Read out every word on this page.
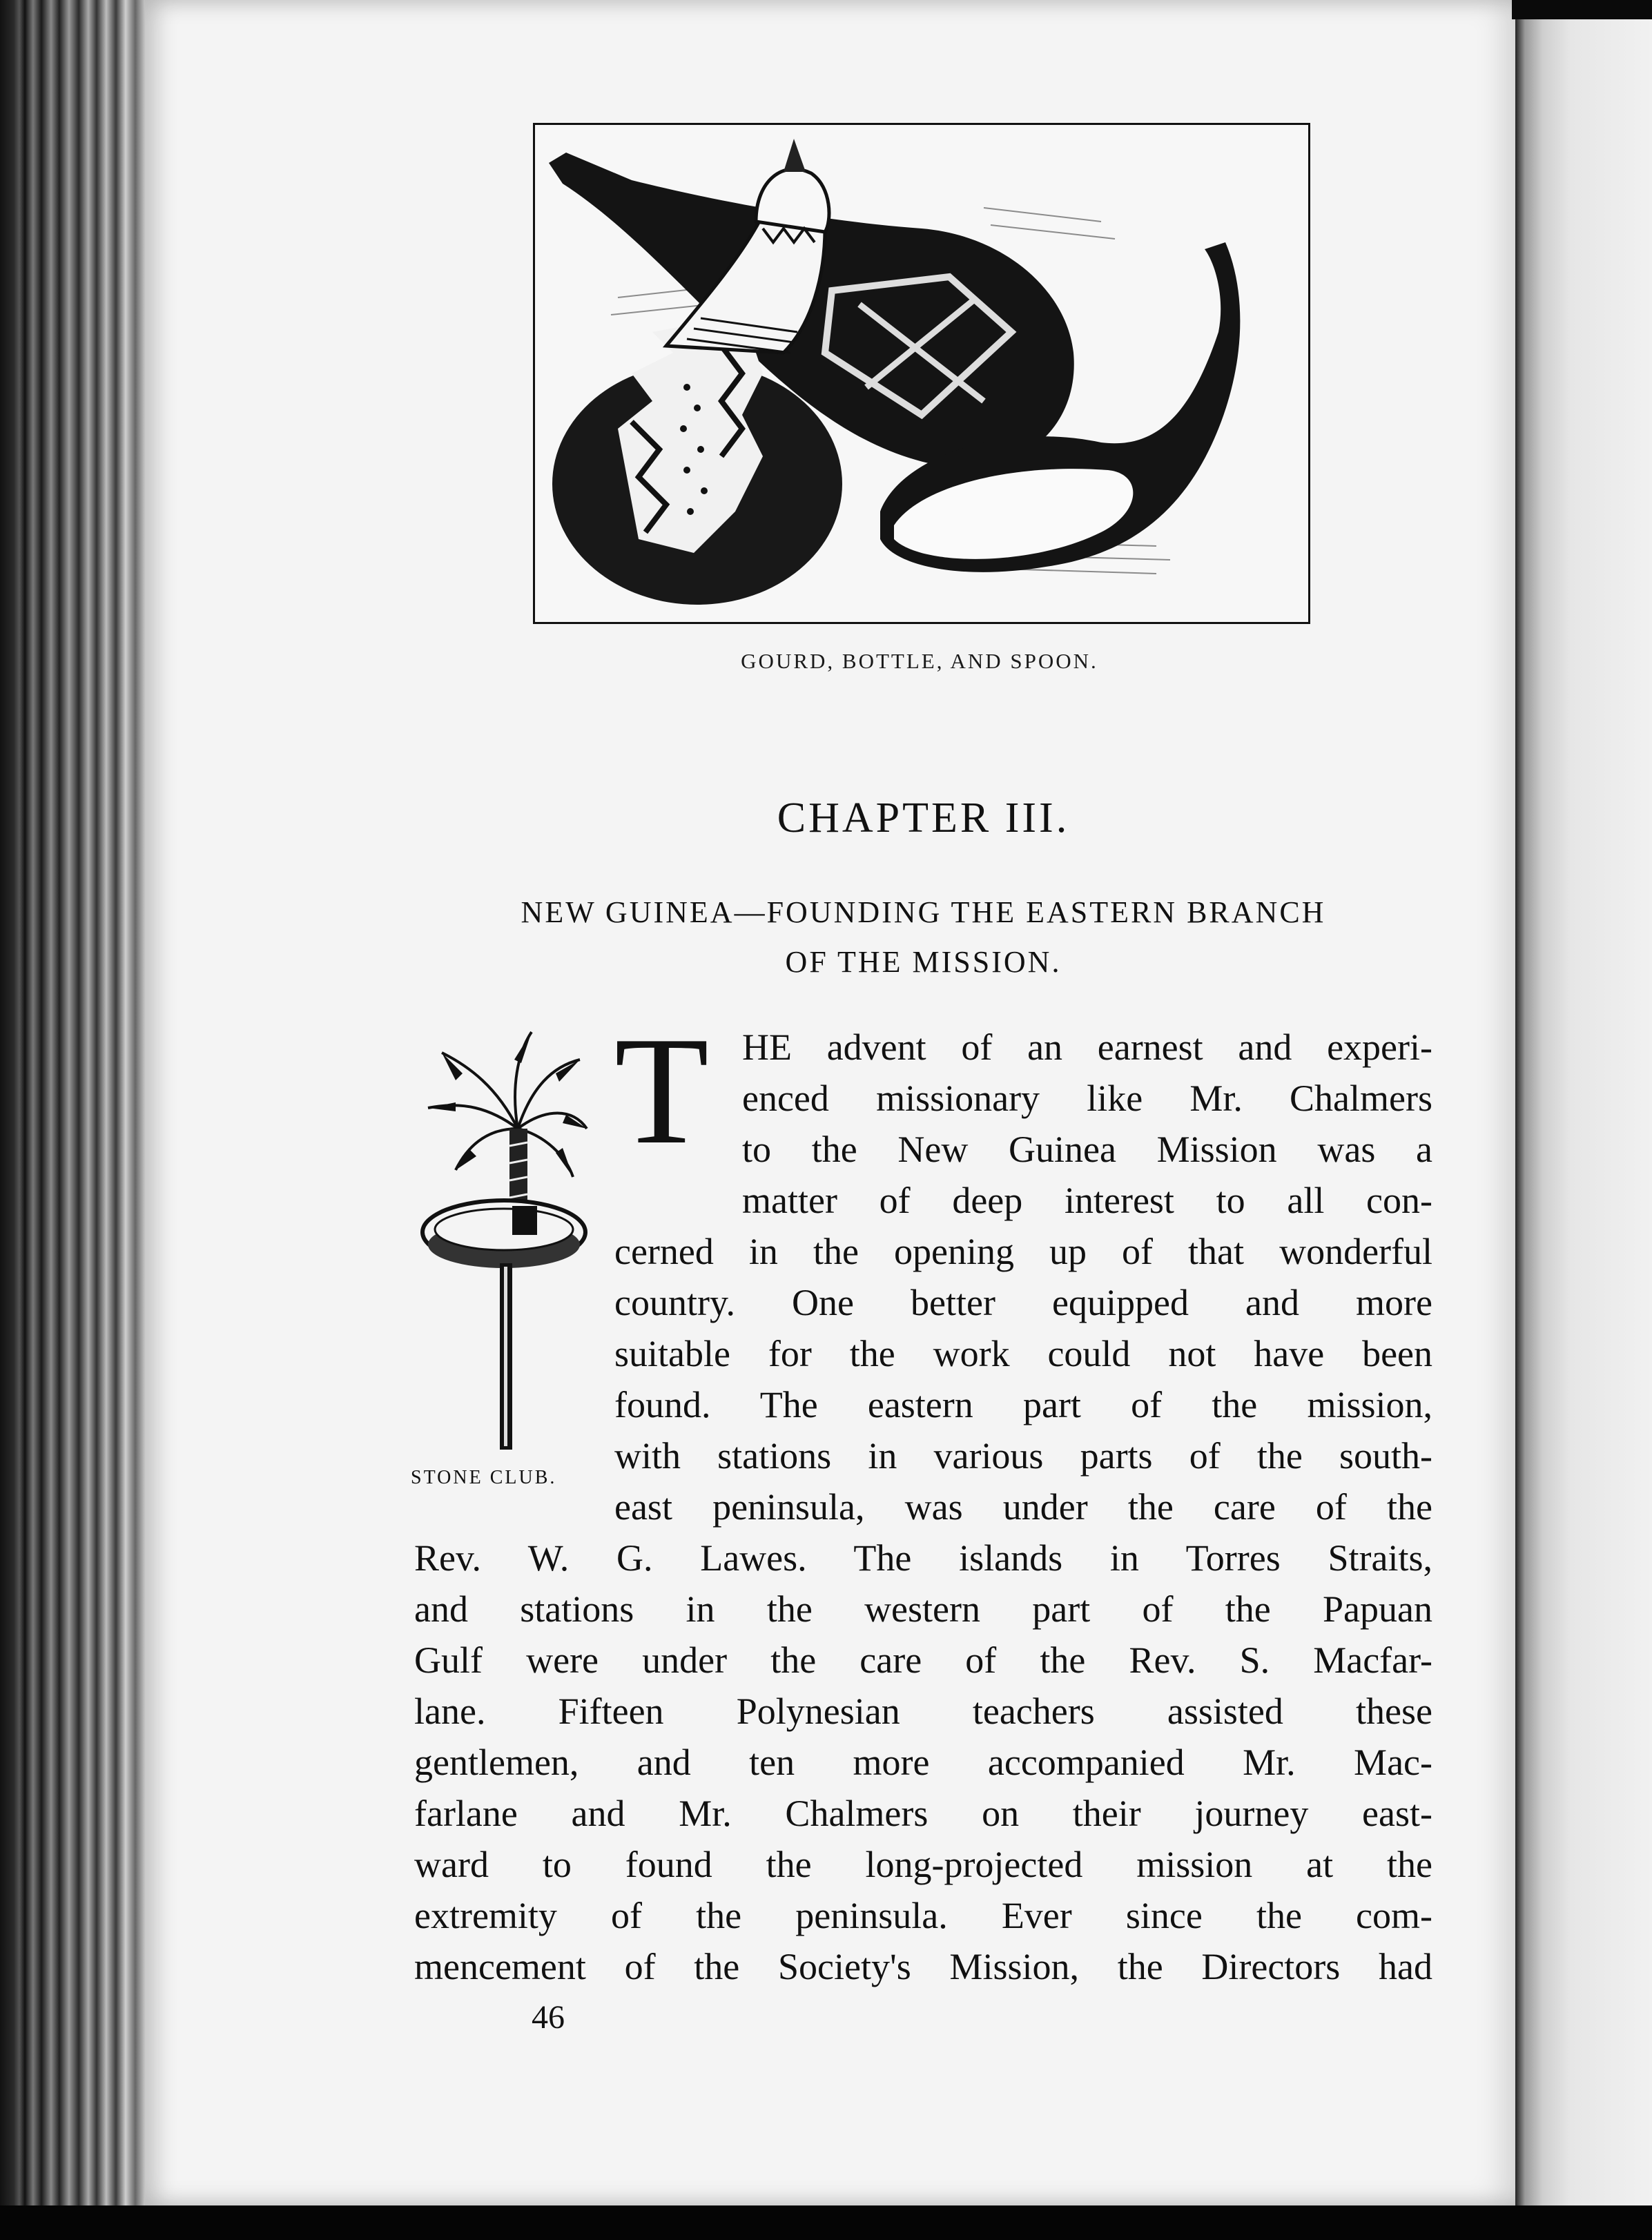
GOURD, BOTTLE, AND SPOON.
CHAPTER III.
NEW GUINEA—FOUNDING THE EASTERN BRANCH
OF THE MISSION.
STONE CLUB.
T HE advent of an earnest and experi-
enced missionary like Mr. Chalmers
to the New Guinea Mission was a
matter of deep interest to all con-
cerned in the opening up of that wonderful
country. One better equipped and more
suitable for the work could not have been
found. The eastern part of the mission,
with stations in various parts of the south-
east peninsula, was under the care of the
Rev. W. G. Lawes. The islands in Torres Straits,
and stations in the western part of the Papuan
Gulf were under the care of the Rev. S. Macfar-
lane. Fifteen Polynesian teachers assisted these
gentlemen, and ten more accompanied Mr. Mac-
farlane and Mr. Chalmers on their journey east-
ward to found the long-projected mission at the
extremity of the peninsula. Ever since the com-
mencement of the Society's Mission, the Directors had
46
